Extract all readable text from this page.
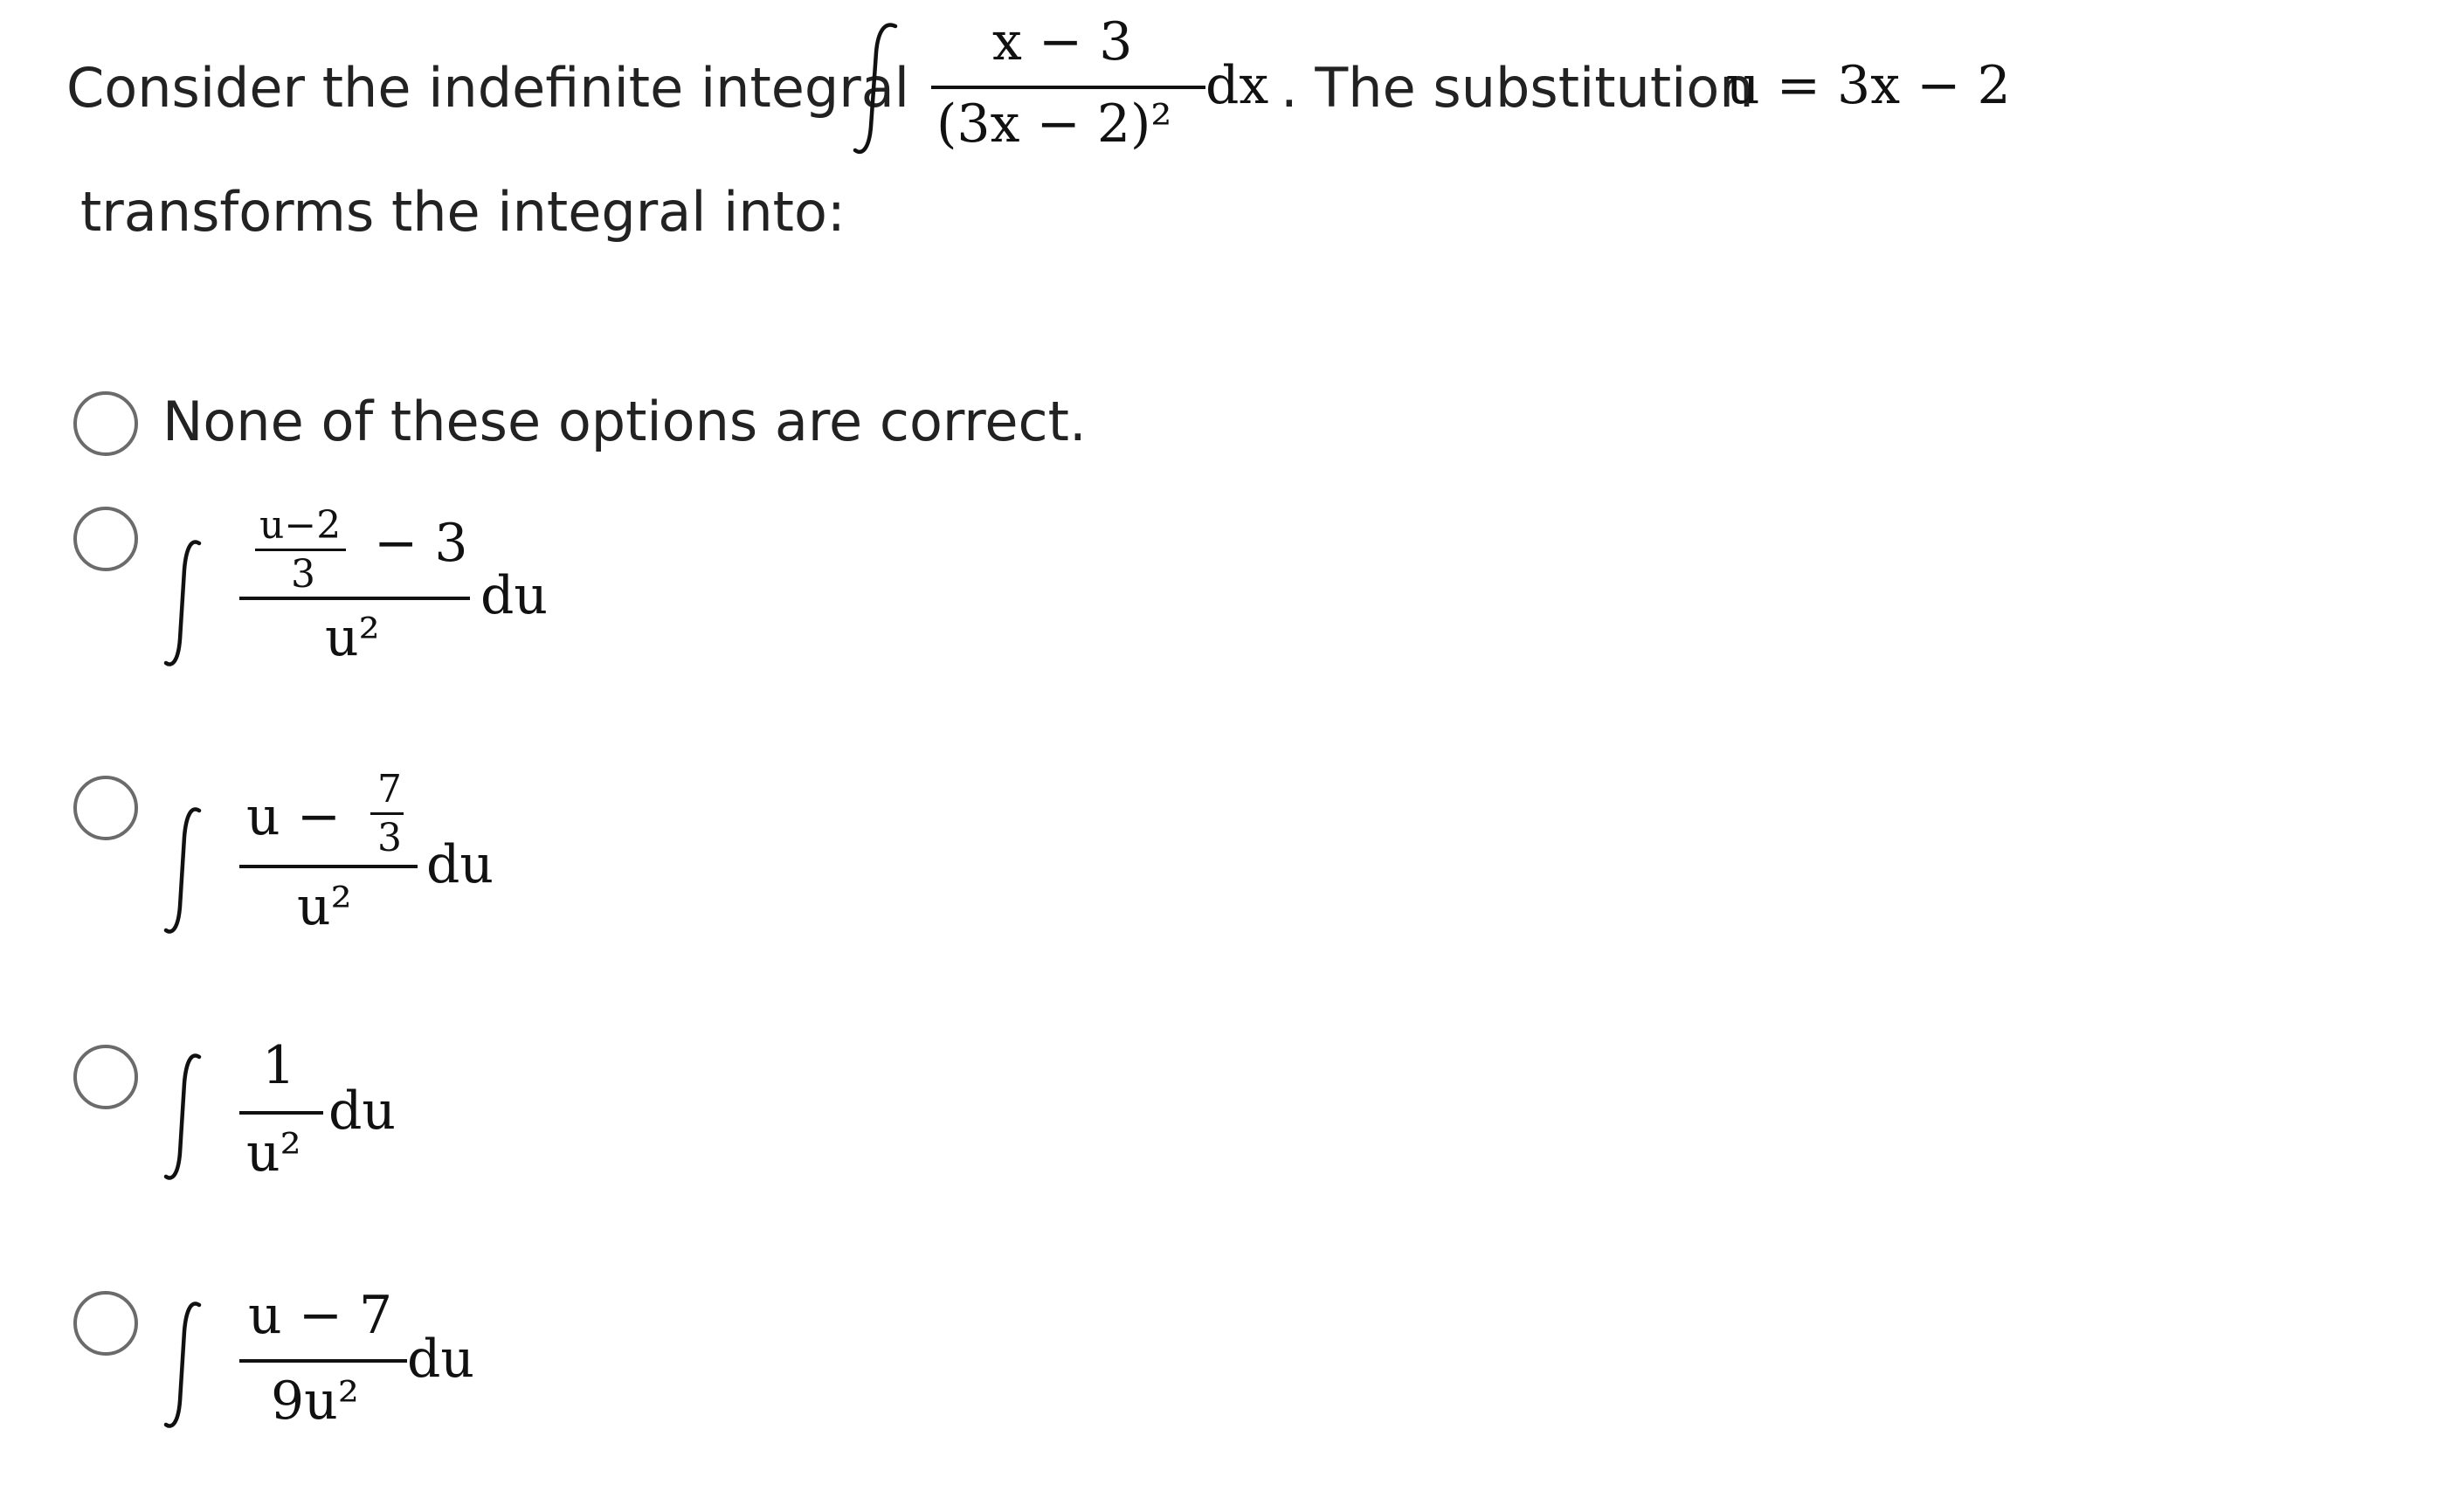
Consider the indefinite integral
x − 3
(3x − 2)²
dx . The substitution
u = 3x − 2
transforms the integral into:
None of these options are correct.
u−2
3
− 3
u²
du
u − 7
3
u²
du
1
u²
du
u − 7
9u²
du
